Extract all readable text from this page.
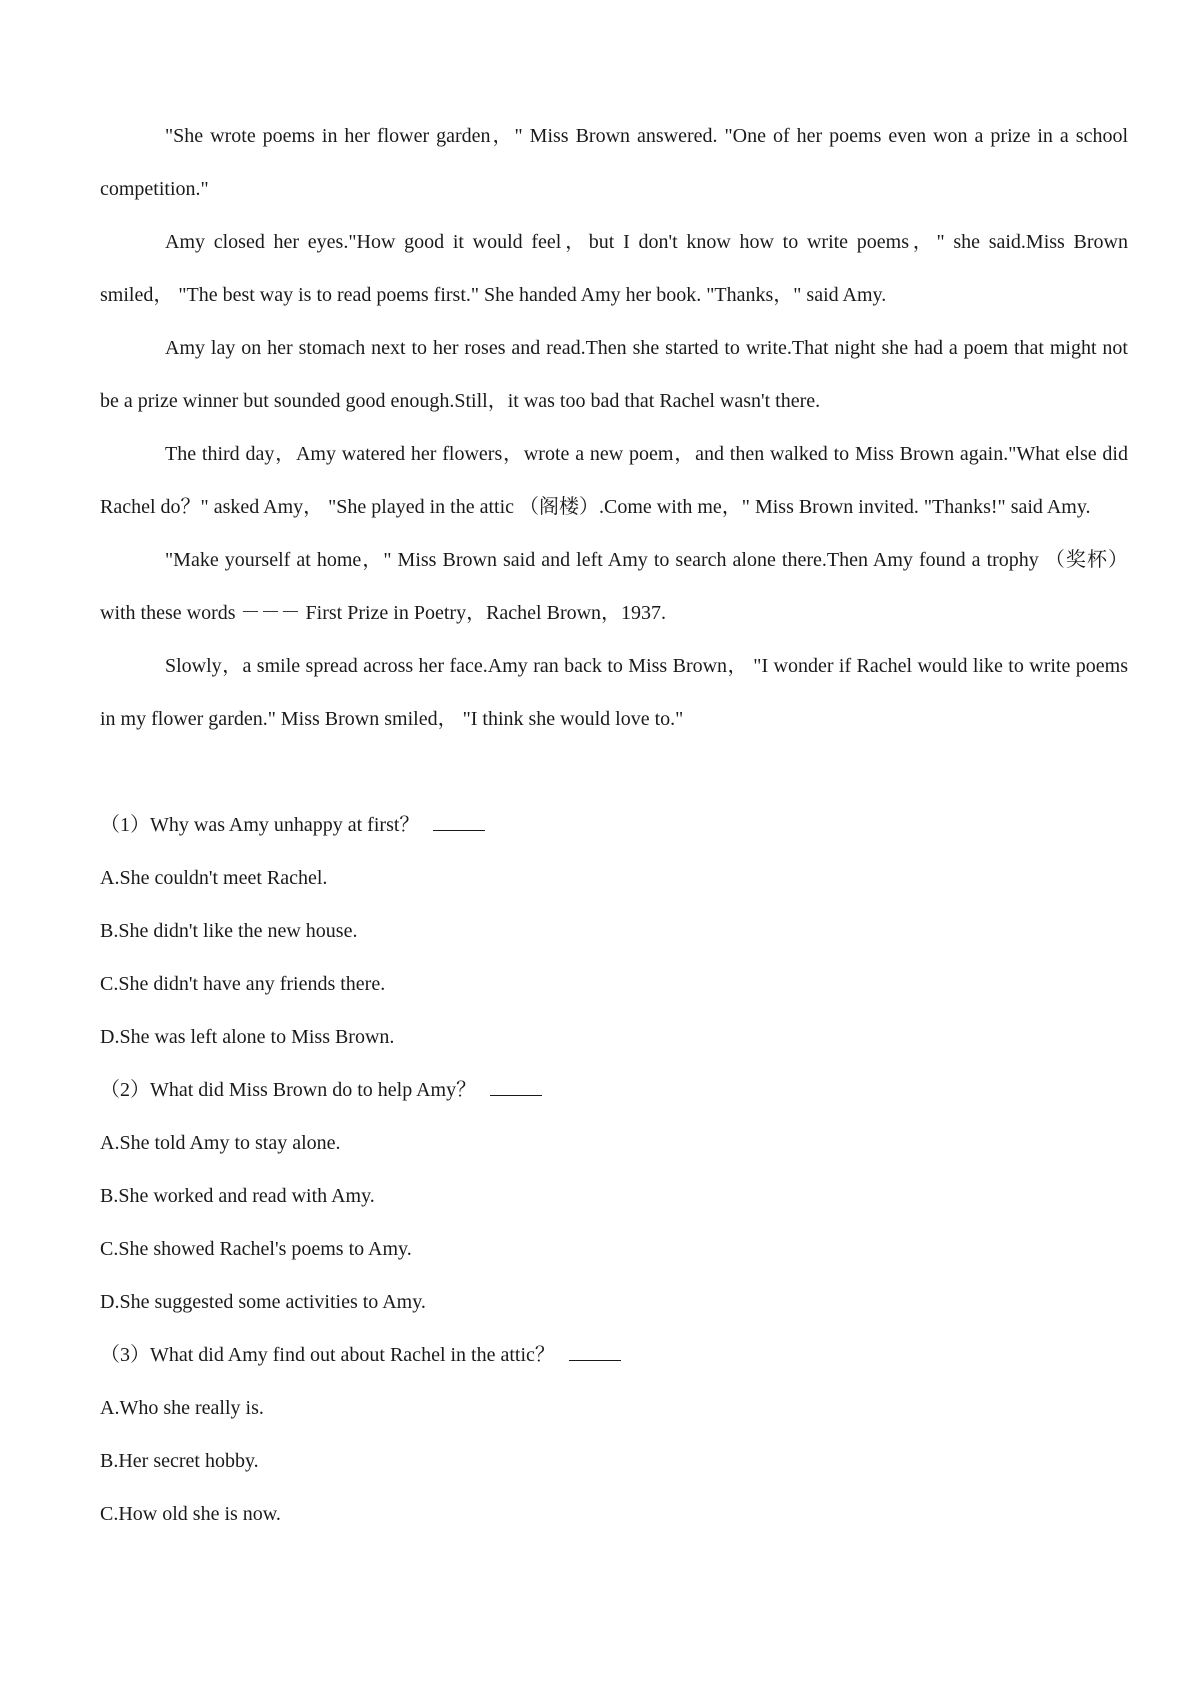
"She wrote poems in her flower garden，" Miss Brown answered. "One of her poems even won a prize in a school competition."

Amy closed her eyes."How good it would feel，but I don't know how to write poems，" she said.Miss Brown smiled， "The best way is to read poems first." She handed Amy her book. "Thanks，" said Amy.

Amy lay on her stomach next to her roses and read.Then she started to write.That night she had a poem that might not be a prize winner but sounded good enough.Still，it was too bad that Rachel wasn't there.

The third day，Amy watered her flowers，wrote a new poem，and then walked to Miss Brown again."What else did Rachel do？" asked Amy， "She played in the attic （阁楼）.Come with me，" Miss Brown invited. "Thanks!" said Amy.

"Make yourself at home，" Miss Brown said and left Amy to search alone there.Then Amy found a trophy （奖杯） with these words －－－ First Prize in Poetry，Rachel Brown，1937.

Slowly，a smile spread across her face.Amy ran back to Miss Brown， "I wonder if Rachel would like to write poems in my flower garden." Miss Brown smiled， "I think she would love to."

（1）Why was Amy unhappy at first？

A.She couldn't meet Rachel.

B.She didn't like the new house.

C.She didn't have any friends there.

D.She was left alone to Miss Brown.

（2）What did Miss Brown do to help Amy？

A.She told Amy to stay alone.

B.She worked and read with Amy.

C.She showed Rachel's poems to Amy.

D.She suggested some activities to Amy.

（3）What did Amy find out about Rachel in the attic？

A.Who she really is.

B.Her secret hobby.

C.How old she is now.
